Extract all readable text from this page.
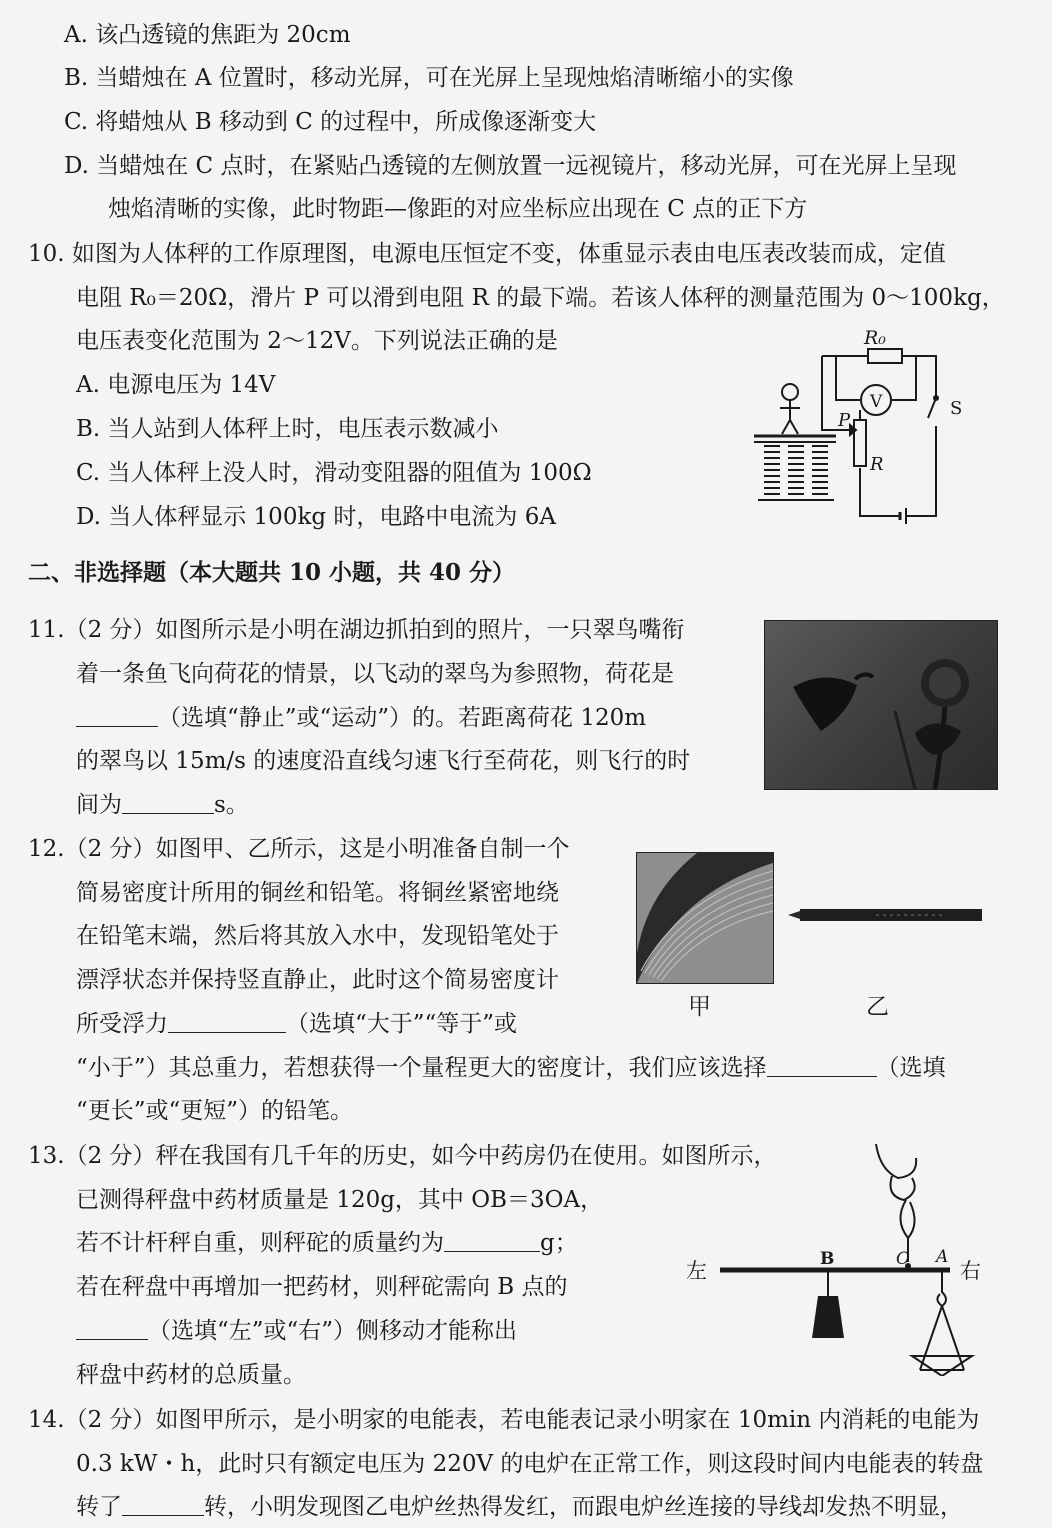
A. 该凸透镜的焦距为 20cm
B. 当蜡烛在 A 位置时，移动光屏，可在光屏上呈现烛焰清晰缩小的实像
C. 将蜡烛从 B 移动到 C 的过程中，所成像逐渐变大
D. 当蜡烛在 C 点时，在紧贴凸透镜的左侧放置一远视镜片，移动光屏，可在光屏上呈现
烛焰清晰的实像，此时物距—像距的对应坐标应出现在 C 点的正下方
10. 如图为人体秤的工作原理图，电源电压恒定不变，体重显示表由电压表改装而成，定值
电阻 R₀＝20Ω，滑片 P 可以滑到电阻 R 的最下端。若该人体秤的测量范围为 0～100kg，
电压表变化范围为 2～12V。下列说法正确的是
A. 电源电压为 14V
B. 当人站到人体秤上时，电压表示数减小
C. 当人体秤上没人时，滑动变阻器的阻值为 100Ω
D. 当人体秤显示 100kg 时，电路中电流为 6A
R₀
V	S
P
R
二、非选择题（本大题共 10 小题，共 40 分）
11.（2 分）如图所示是小明在湖边抓拍到的照片，一只翠鸟嘴衔
着一条鱼飞向荷花的情景，以飞动的翠鸟为参照物，荷花是
（选填“静止”或“运动”）的。若距离荷花 120m
的翠鸟以 15m/s 的速度沿直线匀速飞行至荷花，则飞行的时
间为	s。
12.（2 分）如图甲、乙所示，这是小明准备自制一个
简易密度计所用的铜丝和铅笔。将铜丝紧密地绕
在铅笔末端，然后将其放入水中，发现铅笔处于
漂浮状态并保持竖直静止，此时这个简易密度计
所受浮力	（选填“大于”“等于”或
“小于”）其总重力，若想获得一个量程更大的密度计，我们应该选择	（选填
“更长”或“更短”）的铅笔。
甲	乙
13.（2 分）秤在我国有几千年的历史，如今中药房仍在使用。如图所示，
已测得秤盘中药材质量是 120g，其中 OB＝3OA，
若不计杆秤自重，则秤砣的质量约为	g；
若在秤盘中再增加一把药材，则秤砣需向 B 点的
（选填“左”或“右”）侧移动才能称出
秤盘中药材的总质量。
左	右
B	O A
14.（2 分）如图甲所示，是小明家的电能表，若电能表记录小明家在 10min 内消耗的电能为
0.3 kW・h，此时只有额定电压为 220V 的电炉在正常工作，则这段时间内电能表的转盘
转了	转，小明发现图乙电炉丝热得发红，而跟电炉丝连接的导线却发热不明显，
